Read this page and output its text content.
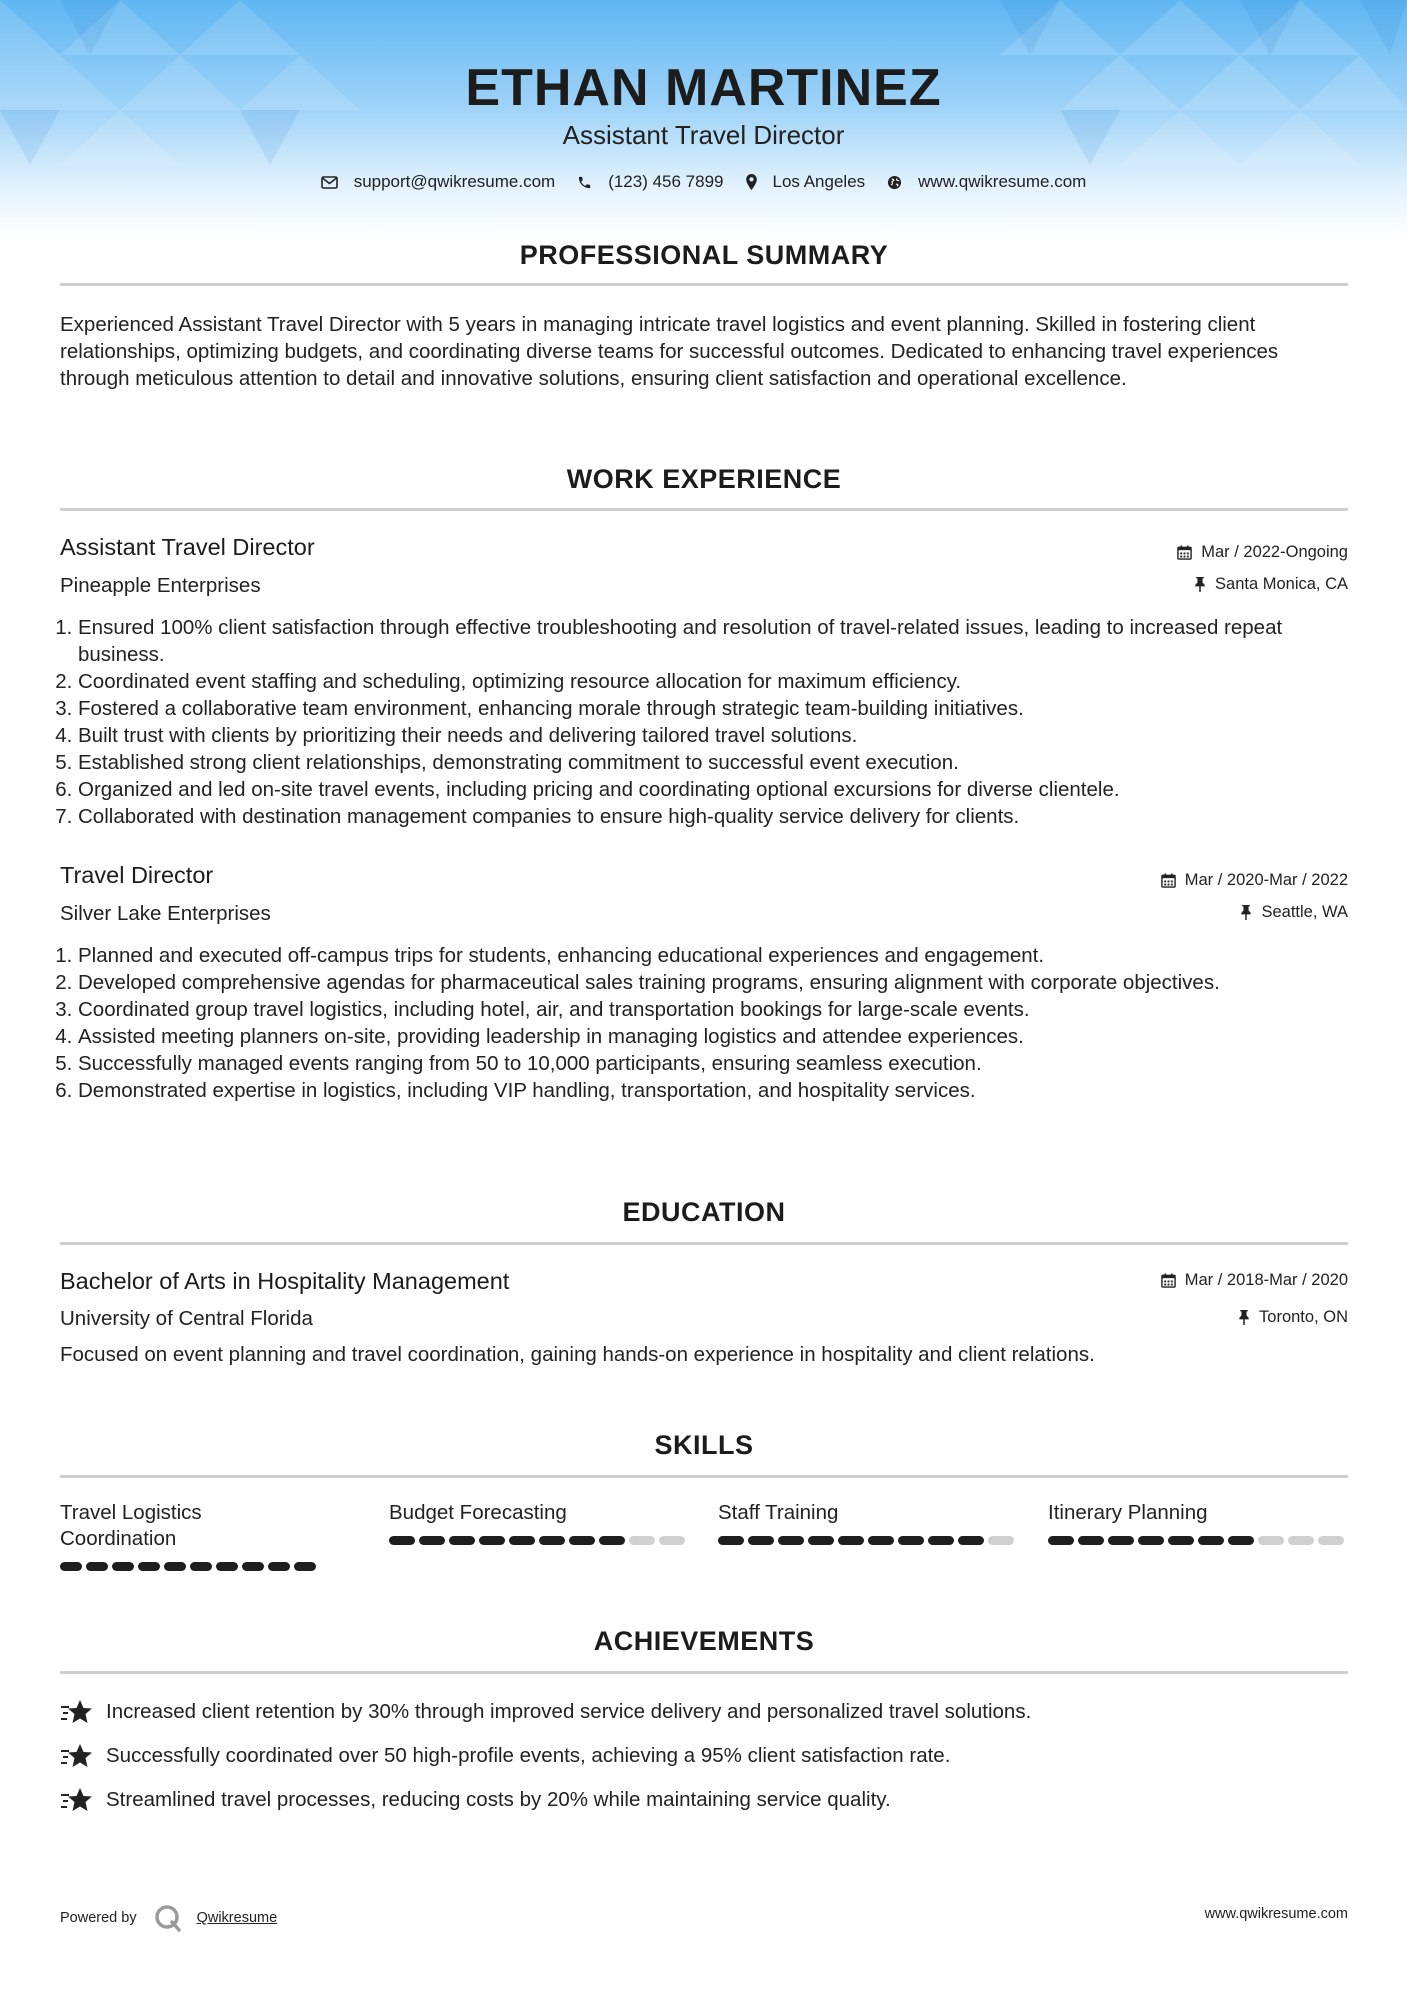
ETHAN MARTINEZ
Assistant Travel Director
support@qwikresume.com	(123) 456 7899	Los Angeles	www.qwikresume.com
PROFESSIONAL SUMMARY
Experienced Assistant Travel Director with 5 years in managing intricate travel logistics and event planning. Skilled in fostering client relationships, optimizing budgets, and coordinating diverse teams for successful outcomes. Dedicated to enhancing travel experiences through meticulous attention to detail and innovative solutions, ensuring client satisfaction and operational excellence.
WORK EXPERIENCE
Assistant Travel Director	Mar / 2022-Ongoing
Pineapple Enterprises	Santa Monica, CA
1. Ensured 100% client satisfaction through effective troubleshooting and resolution of travel-related issues, leading to increased repeat business.
2. Coordinated event staffing and scheduling, optimizing resource allocation for maximum efficiency.
3. Fostered a collaborative team environment, enhancing morale through strategic team-building initiatives.
4. Built trust with clients by prioritizing their needs and delivering tailored travel solutions.
5. Established strong client relationships, demonstrating commitment to successful event execution.
6. Organized and led on-site travel events, including pricing and coordinating optional excursions for diverse clientele.
7. Collaborated with destination management companies to ensure high-quality service delivery for clients.
Travel Director	Mar / 2020-Mar / 2022
Silver Lake Enterprises	Seattle, WA
1. Planned and executed off-campus trips for students, enhancing educational experiences and engagement.
2. Developed comprehensive agendas for pharmaceutical sales training programs, ensuring alignment with corporate objectives.
3. Coordinated group travel logistics, including hotel, air, and transportation bookings for large-scale events.
4. Assisted meeting planners on-site, providing leadership in managing logistics and attendee experiences.
5. Successfully managed events ranging from 50 to 10,000 participants, ensuring seamless execution.
6. Demonstrated expertise in logistics, including VIP handling, transportation, and hospitality services.
EDUCATION
Bachelor of Arts in Hospitality Management	Mar / 2018-Mar / 2020
University of Central Florida	Toronto, ON
Focused on event planning and travel coordination, gaining hands-on experience in hospitality and client relations.
SKILLS
Travel Logistics Coordination
Budget Forecasting	Staff Training	Itinerary Planning
ACHIEVEMENTS
Increased client retention by 30% through improved service delivery and personalized travel solutions.
Successfully coordinated over 50 high-profile events, achieving a 95% client satisfaction rate.
Streamlined travel processes, reducing costs by 20% while maintaining service quality.
Powered by	Qwikresume	www.qwikresume.com
